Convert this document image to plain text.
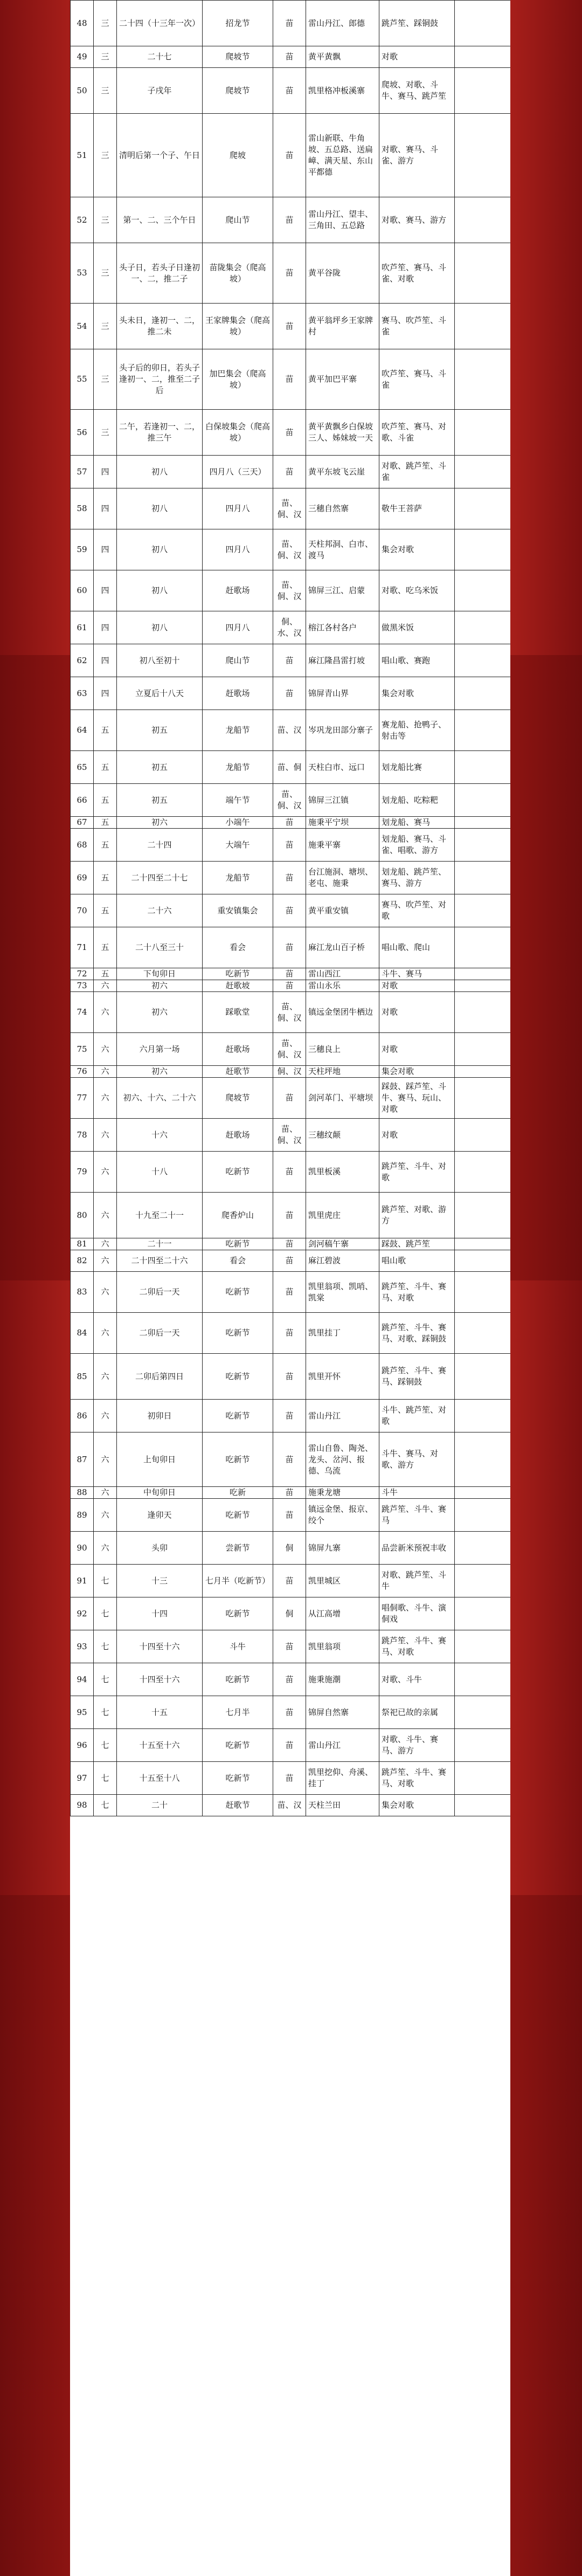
48	三	二十四（十三年一次）	招龙节	苗	雷山丹江、郎德	跳芦笙、踩铜鼓	
49	三	二十七	爬坡节	苗	黄平黄飘	对歌	
50	三	子戌年	爬坡节	苗	凯里格冲板溪寨	爬坡、对歌、斗牛、赛马、跳芦笙	
51	三	清明后第一个子、午日	爬坡	苗	雷山新联、牛角坡、五总路、送扁嶂、满天星、东山平都德	对歌、赛马、斗雀、游方	
52	三	第一、二、三个午日	爬山节	苗	雷山丹江、望丰、三角田、五总路	对歌、赛马、游方	
53	三	头子日，若头子日逢初一、二，推二子	苗陇集会（爬高坡）	苗	黄平谷陇	吹芦笙、赛马、斗雀、对歌	
54	三	头未日，逢初一、二，推二未	王家牌集会（爬高坡）	苗	黄平翁坪乡王家牌村	赛马、吹芦笙、斗雀	
55	三	头子后的卯日，若头子逢初一、二，推至二子后	加巴集会（爬高坡）	苗	黄平加巴平寨	吹芦笙、赛马、斗雀	
56	三	二午，若逢初一、二，推三午	白保坡集会（爬高坡）	苗	黄平黄飘乡白保坡三人、姊妹坡一天	吹芦笙、赛马、对歌、斗雀	
57	四	初八	四月八（三天）	苗	黄平东坡飞云崖	对歌、跳芦笙、斗雀	
58	四	初八	四月八	苗、侗、汉	三穗自然寨	敬牛王菩萨	
59	四	初八	四月八	苗、侗、汉	天柱邦洞、白市、渡马	集会对歌	
60	四	初八	赶歌场	苗、侗、汉	锦屏三江、启蒙	对歌、吃乌米饭	
61	四	初八	四月八	侗、水、汉	榕江各村各户	做黑米饭	
62	四	初八至初十	爬山节	苗	麻江隆昌雷打坡	唱山歌、赛跑	
63	四	立夏后十八天	赶歌场	苗	锦屏青山界	集会对歌	
64	五	初五	龙船节	苗、汉	岑巩龙田部分寨子	赛龙船、抢鸭子、射击等	
65	五	初五	龙船节	苗、侗	天柱白市、远口	划龙船比赛	
66	五	初五	端午节	苗、侗、汉	锦屏三江镇	划龙船、吃粽粑	
67	五	初六	小端午	苗	施秉平宁坝	划龙船、赛马	
68	五	二十四	大端午	苗	施秉平寨	划龙船、赛马、斗雀、唱歌、游方	
69	五	二十四至二十七	龙船节	苗	台江施洞、塘坝、老屯、施秉	划龙船、跳芦笙、赛马、游方	
70	五	二十六	重安镇集会	苗	黄平重安镇	赛马、吹芦笙、对歌	
71	五	二十八至三十	看会	苗	麻江龙山百子桥	唱山歌、爬山	
72	五	下旬卯日	吃新节	苗	雷山西江	斗牛、赛马	
73	六	初六	赶歌坡	苗	雷山永乐	对歌	
74	六	初六	踩歌堂	苗、侗、汉	镇远金堡团牛栖边	对歌	
75	六	六月第一场	赶歌场	苗、侗、汉	三穗良上	对歌	
76	六	初六	赶歌节	侗、汉	天柱坪地	集会对歌	
77	六	初六、十六、二十六	爬坡节	苗	剑河革门、平塘坝	踩鼓、踩芦笙、斗牛、赛马、玩山、对歌	
78	六	十六	赶歌场	苗、侗、汉	三穗纹颠	对歌	
79	六	十八	吃新节	苗	凯里板溪	跳芦笙、斗牛、对歌	
80	六	十九至二十一	爬香炉山	苗	凯里虎庄	跳芦笙、对歌、游方	
81	六	二十一	吃新节	苗	剑河稿午寨	踩鼓、跳芦笙	
82	六	二十四至二十六	看会	苗	麻江碧波	唱山歌	
83	六	二卯后一天	吃新节	苗	凯里翁项、凯哨、凯棠	跳芦笙、斗牛、赛马、对歌	
84	六	二卯后一天	吃新节	苗	凯里挂丁	跳芦笙、斗牛、赛马、对歌、踩铜鼓	
85	六	二卯后第四日	吃新节	苗	凯里开怀	跳芦笙、斗牛、赛马、踩铜鼓	
86	六	初卯日	吃新节	苗	雷山丹江	斗牛、跳芦笙、对歌	
87	六	上旬卯日	吃新节	苗	雷山自鲁、陶尧、龙头、岔河、报德、乌流	斗牛、赛马、对歌、游方	
88	六	中旬卯日	吃新	苗	施秉龙塘	斗牛	
89	六	逢卯天	吃新节	苗	镇远金堡、报京、绞个	跳芦笙、斗牛、赛马	
90	六	头卯	尝新节	侗	锦屏九寨	品尝新米预祝丰收	
91	七	十三	七月半（吃新节）	苗	凯里城区	对歌、跳芦笙、斗牛	
92	七	十四	吃新节	侗	从江高增	唱侗歌、斗牛、演侗戏	
93	七	十四至十六	斗牛	苗	凯里翁项	跳芦笙、斗牛、赛马、对歌	
94	七	十四至十六	吃新节	苗	施秉施潮	对歌、斗牛	
95	七	十五	七月半	苗	锦屏自然寨	祭祀已故的亲属	
96	七	十五至十六	吃新节	苗	雷山丹江	对歌、斗牛、赛马、游方	
97	七	十五至十八	吃新节	苗	凯里挖仰、舟溪、挂丁	跳芦笙、斗牛、赛马、对歌	
98	七	二十	赶歌节	苗、汉	天柱兰田	集会对歌	
